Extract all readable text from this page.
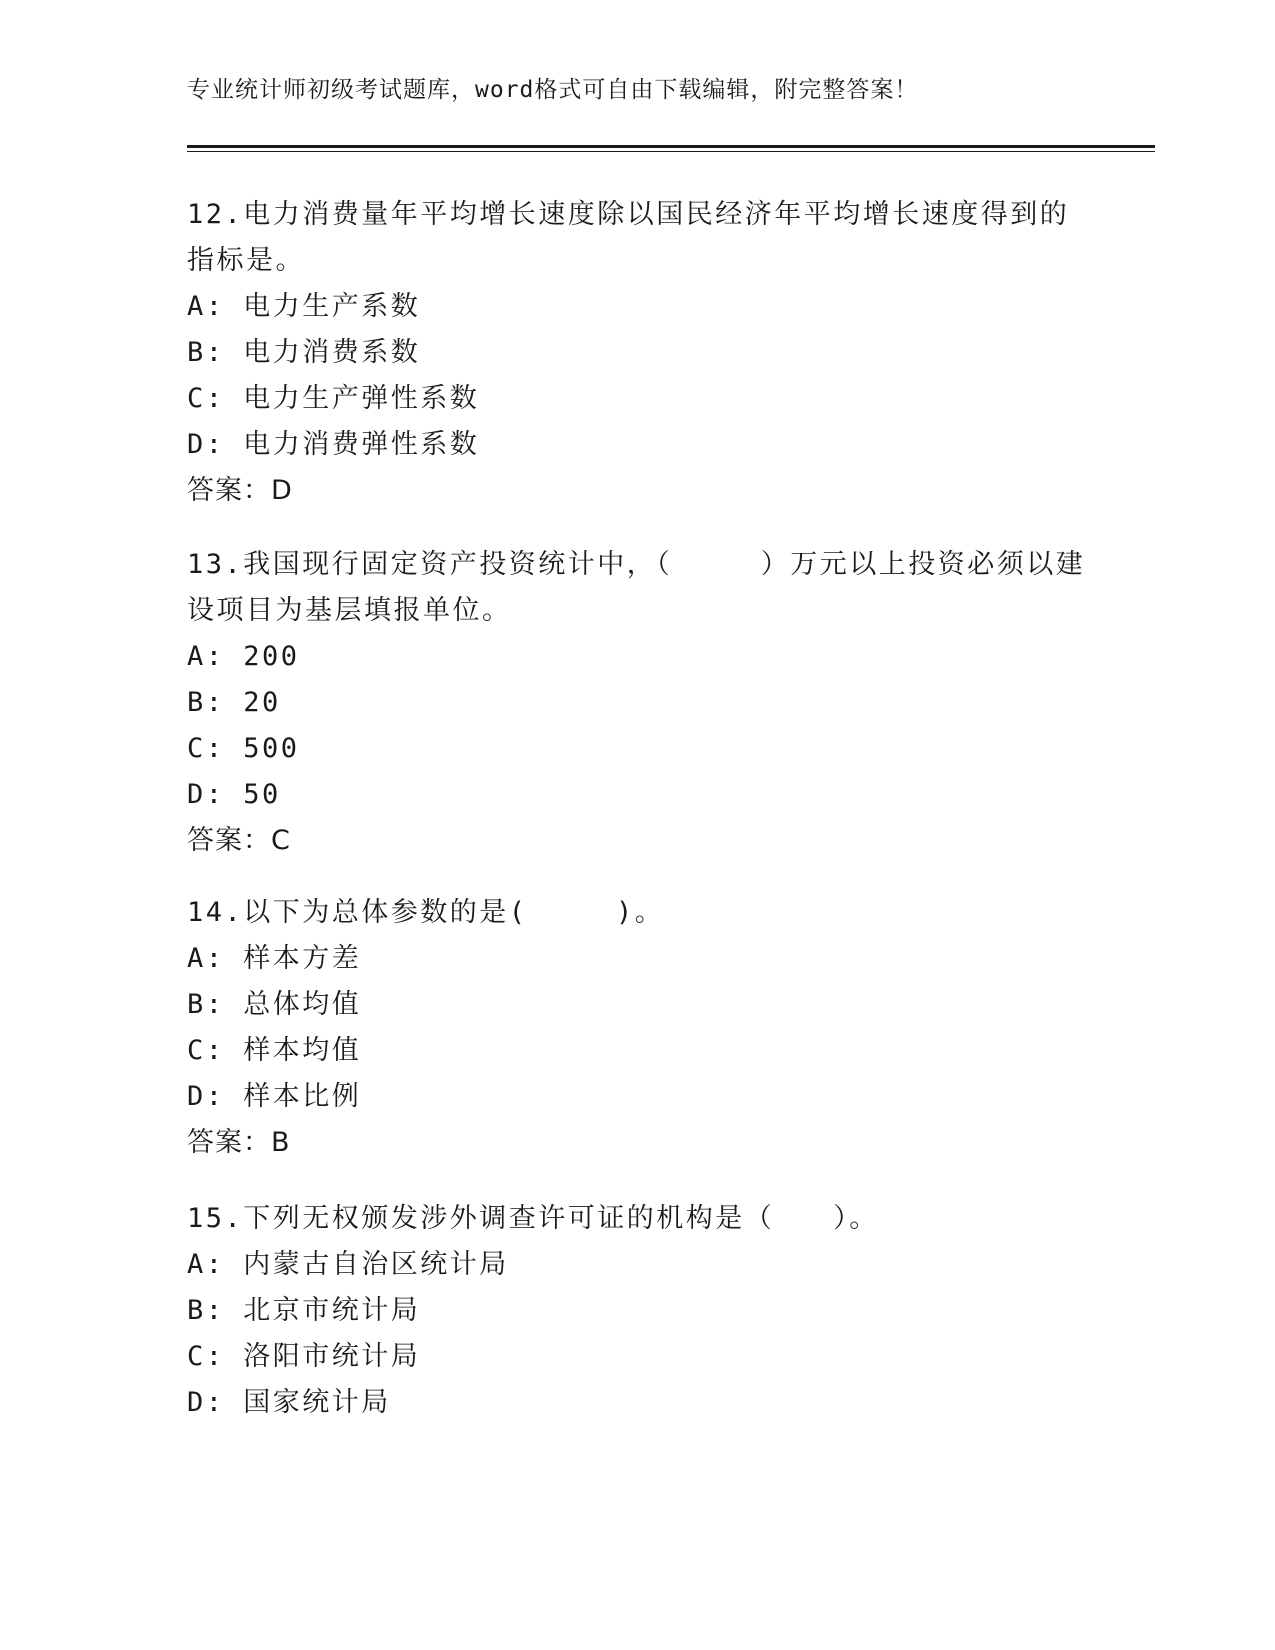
专业统计师初级考试题库，word格式可自由下载编辑，附完整答案！

12.电力消费量年平均增长速度除以国民经济年平均增长速度得到的指标是。

A: 电力生产系数
B: 电力消费系数
C: 电力生产弹性系数
D: 电力消费弹性系数
答案：D

13.我国现行固定资产投资统计中，（　　　）万元以上投资必须以建设项目为基层填报单位。

A: 200
B: 20
C: 500
D: 50
答案：C

14.以下为总体参数的是(　　　)。

A: 样本方差
B: 总体均值
C: 样本均值
D: 样本比例
答案：B

15.下列无权颁发涉外调查许可证的机构是（　　）。

A: 内蒙古自治区统计局
B: 北京市统计局
C: 洛阳市统计局
D: 国家统计局
